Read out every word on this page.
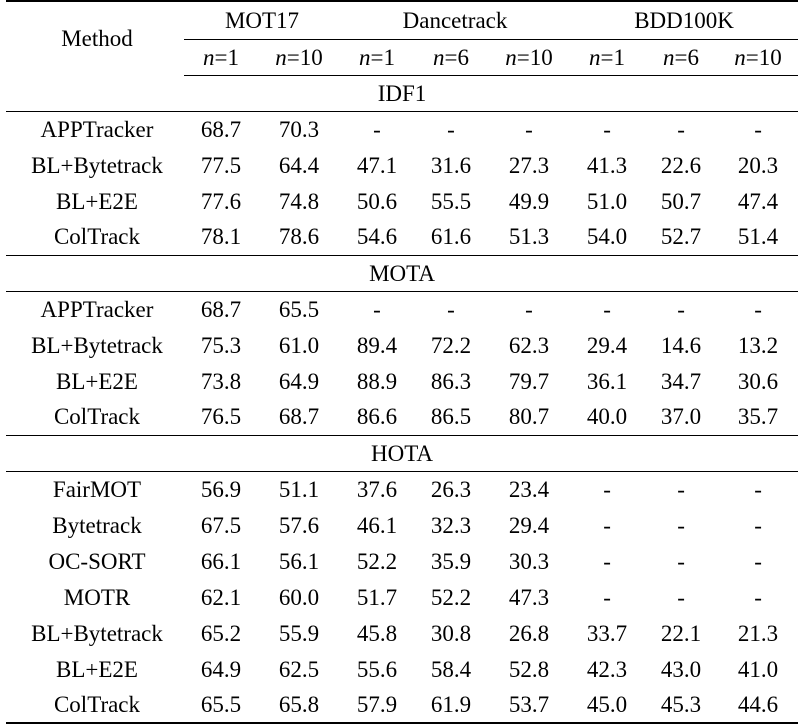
Method	MOT17		Dancetrack			BDD100K		
	n=1	n=10	n=1	n=6	n=10	n=1	n=6	n=10
IDF1								
APPTracker	68.7	70.3	-	-	-	-	-	-
BL+Bytetrack	77.5	64.4	47.1	31.6	27.3	41.3	22.6	20.3
BL+E2E	77.6	74.8	50.6	55.5	49.9	51.0	50.7	47.4
ColTrack	78.1	78.6	54.6	61.6	51.3	54.0	52.7	51.4
MOTA								
APPTracker	68.7	65.5	-	-	-	-	-	-
BL+Bytetrack	75.3	61.0	89.4	72.2	62.3	29.4	14.6	13.2
BL+E2E	73.8	64.9	88.9	86.3	79.7	36.1	34.7	30.6
ColTrack	76.5	68.7	86.6	86.5	80.7	40.0	37.0	35.7
HOTA								
FairMOT	56.9	51.1	37.6	26.3	23.4	-	-	-
Bytetrack	67.5	57.6	46.1	32.3	29.4	-	-	-
OC-SORT	66.1	56.1	52.2	35.9	30.3	-	-	-
MOTR	62.1	60.0	51.7	52.2	47.3	-	-	-
BL+Bytetrack	65.2	55.9	45.8	30.8	26.8	33.7	22.1	21.3
BL+E2E	64.9	62.5	55.6	58.4	52.8	42.3	43.0	41.0
ColTrack	65.5	65.8	57.9	61.9	53.7	45.0	45.3	44.6
